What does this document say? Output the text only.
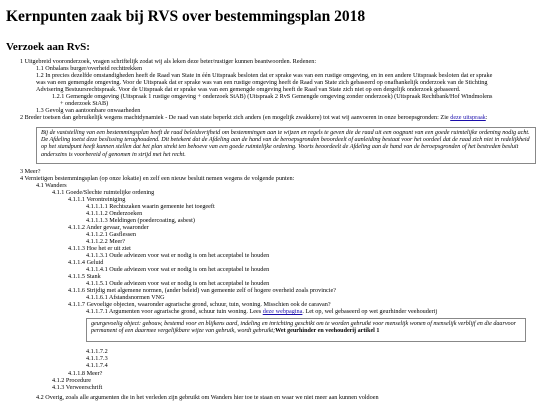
Kernpunten zaak bij RVS over bestemmingsplan 2018
Verzoek aan RvS:
1 Uitgebreid vooronderzoek, vragen schriftelijk zodat wij als leken deze beter/rustiger kunnen beantwoorden. Redenen:
1.1 Onbalans burger/overheid rechttrekken
1.2 In precies dezelfde omstandigheden heeft de Raad van State in één Uitspraak besloten dat er sprake was van een rustige omgeving, en in een andere Uitspraak besloten dat er sprake
was van een gemengde omgeving. Voor de Uitspraak dat er sprake was van een rustige omgeving heeft de Raad van State zich gebaseerd op onafhankelijk onderzoek van de Stichting
Advisering Bestuursrechtspraak. Voor de Uitspraak dat er sprake was van een gemengde omgeving heeft de Raad van State zich niet op een dergelijk onderzoek gebaseerd.
1.2.1 Gemengde omgeving (Uitspraak 1 rustige omgeving + onderzoek StAB) (Uitspraak 2 RvS Gemengde omgeving zonder onderzoek) (Uitspraak Rechtbank/Hof Windmolens
+ onderzoek StAB)
1.3 Gevolg van aantoonbare onwaarheden
2 Breder toetsen dan gebruikelijk wegens machtdynamiek - De raad van state beperkt zich anders (en mogelijk zwakkere) tot wat wij aanvoeren in onze beroepsgronden: Zie deze uitspraak:
Bij de vaststelling van een bestemmingsplan heeft de raad beleidsvrijheid om bestemmingen aan te wijzen en regels te geven die de raad uit een oogpunt van een goede ruimtelijke ordening nodig acht. De Afdeling toetst deze beslissing terughoudend. Dit betekent dat de Afdeling aan de hand van de beroepsgronden beoordeelt of aanleiding bestaat voor het oordeel dat de raad zich niet in redelijkheid op het standpunt heeft kunnen stellen dat het plan strekt ten behoeve van een goede ruimtelijke ordening. Voorts beoordeelt de Afdeling aan de hand van de beroepsgronden of het bestreden besluit anderszins is voorbereid of genomen in strijd met het recht.
3 Meer?
4 Vernietigen bestemmingsplan (op onze lokatie) en zelf een nieuw besluit nemen wegens de volgende punten:
4.1 Wanders
4.1.1 Goede/Slechte ruimtelijke ordening
4.1.1.1 Verontreiniging
4.1.1.1.1 Rechtszaken waarin gemeente het toegeeft
4.1.1.1.2 Onderzoeken
4.1.1.1.3 Meldingen (poedercoating, asbest)
4.1.1.2 Ander gevaar, waaronder
4.1.1.2.1 Gasflessen
4.1.1.2.2 Meer?
4.1.1.3 Hoe het er uit ziet
4.1.1.3.1 Oude adviezen voor wat er nodig is om het acceptabel te houden
4.1.1.4 Geluid
4.1.1.4.1 Oude adviezen voor wat er nodig is om het acceptabel te houden
4.1.1.5 Stank
4.1.1.5.1 Oude adviezen voor wat er nodig is om het acceptabel te houden
4.1.1.6 Strijdig met algemene normen, (ander beleid) van gemeente zelf of hogere overheid zoals provincie?
4.1.1.6.1 Afstandsnormen VNG
4.1.1.7 Gevoelige objecten, waaronder agrarische grond, schuur, tuin, woning. Misschien ook de caravan?
4.1.1.7.1 Argumenten voor agrarische grond, schuur tuin woning. Lees deze webpagina. Let op, wel gebaseerd op wet geurhinder veehouderij
geurgevoelig object: gebouw, bestemd voor en blijkens aard, indeling en inrichting geschikt om te worden gebruikt voor menselijk wonen of menselijk verblijf en die daarvoor permanent of een daarmee vergelijkbare wijze van gebruik, wordt gebruikt;Wet geurhinder en veehouderij artikel 1
4.1.1.7.2
4.1.1.7.3
4.1.1.7.4
4.1.1.8 Meer?
4.1.2 Procedure
4.1.3 Verweerschrift
4.2 Overig, zoals alle argumenten die in het verleden zijn gebruikt om Wanders hier toe te staan en waar we niet meer aan kunnen voldoen
